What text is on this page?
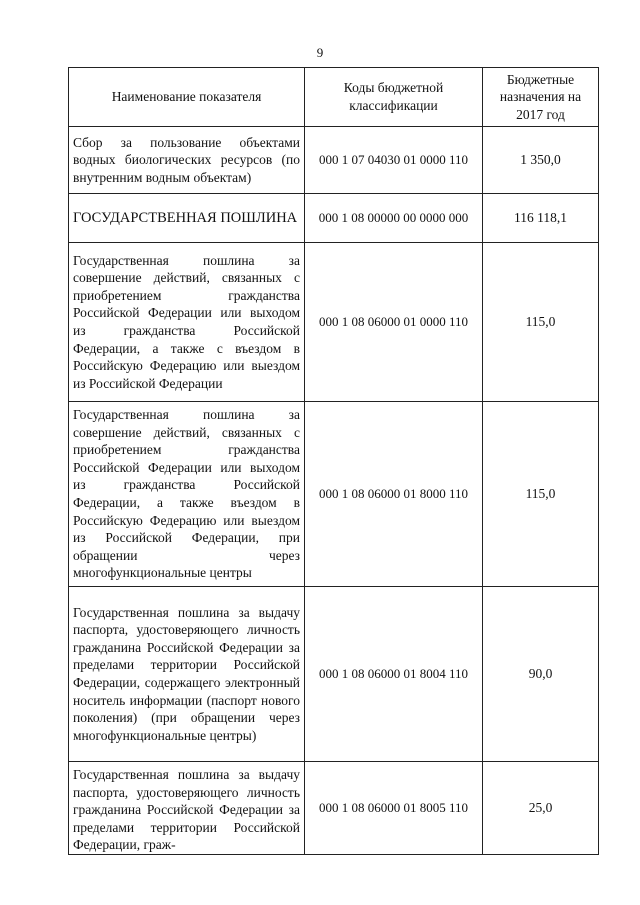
9
Наименование показателя	Коды бюджетной классификации	Бюджетные назначения на 2017 год
Сбор за пользование объектами водных биологических ресурсов (по внутренним водным объектам)	000 1 07 04030 01 0000 110	1 350,0
ГОСУДАРСТВЕННАЯ ПОШЛИНА	000 1 08 00000 00 0000 000	116 118,1
Государственная пошлина за совершение действий, связанных с приобретением гражданства Российской Федерации или выходом из гражданства Российской Федерации, а также с въездом в Российскую Федерацию или выездом из Российской Федерации	000 1 08 06000 01 0000 110	115,0
Государственная пошлина за совершение действий, связанных с приобретением гражданства Российской Федерации или выходом из гражданства Российской Федерации, а также въездом в Российскую Федерацию или выездом из Российской Федерации, при обращении через многофункциональные центры	000 1 08 06000 01 8000 110	115,0
Государственная пошлина за выдачу паспорта, удостоверяющего личность гражданина Российской Федерации за пределами территории Российской Федерации, содержащего электронный носитель информации (паспорт нового поколения) (при обращении через многофункциональные центры)	000 1 08 06000 01 8004 110	90,0
Государственная пошлина за выдачу паспорта, удостоверяющего личность гражданина Российской Федерации за пределами территории Российской Федерации, граж-	000 1 08 06000 01 8005 110	25,0
